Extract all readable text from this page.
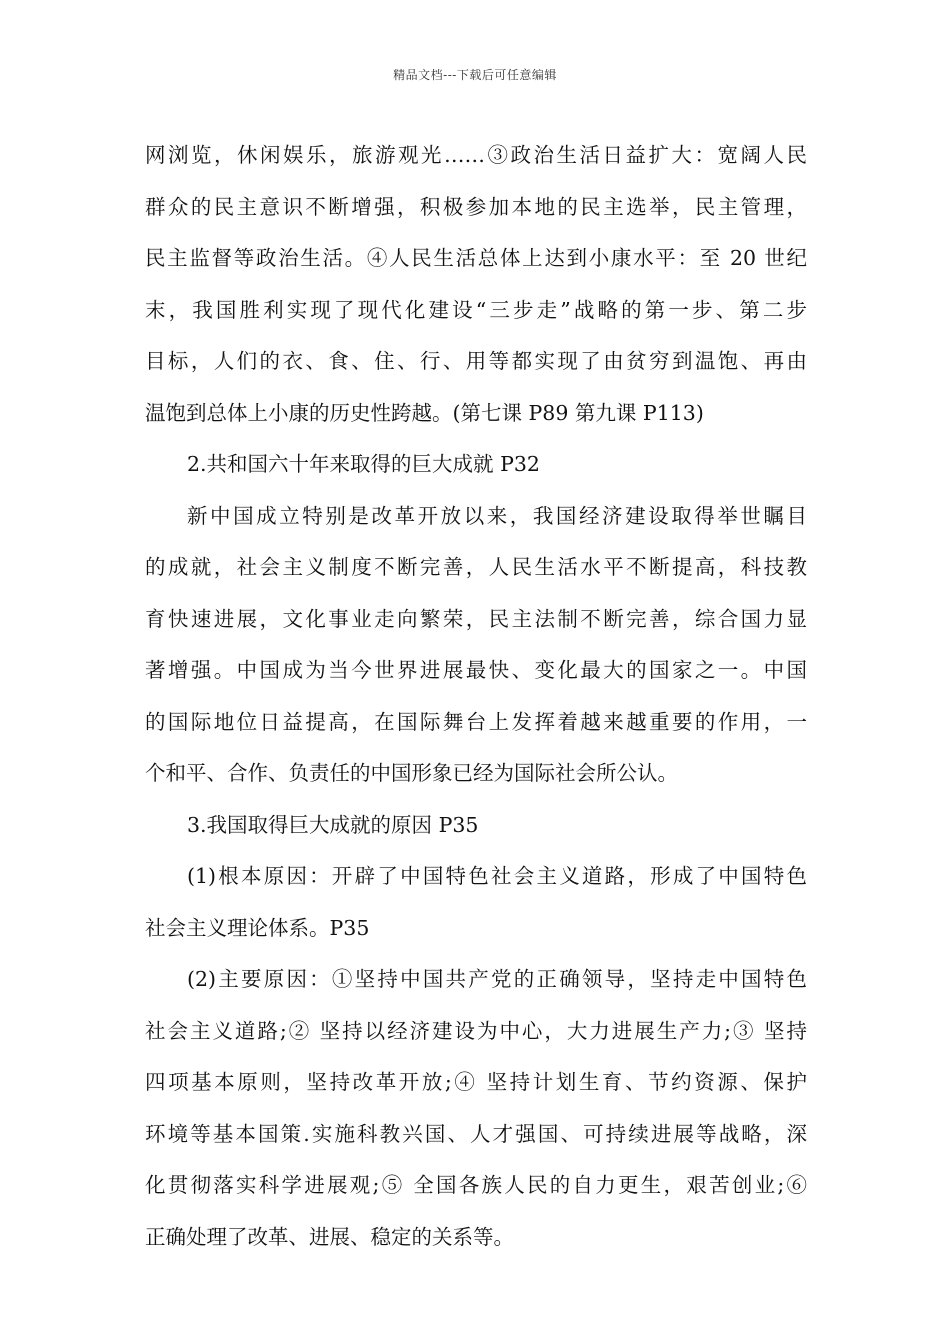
精品文档---下载后可任意编辑
网浏览，休闲娱乐，旅游观光……③政治生活日益扩大：宽阔人民
群众的民主意识不断增强，积极参加本地的民主选举，民主管理，
民主监督等政治生活。④人民生活总体上达到小康水平：至 20 世纪
末，我国胜利实现了现代化建设“三步走”战略的第一步、第二步
目标，人们的衣、食、住、行、用等都实现了由贫穷到温饱、再由
温饱到总体上小康的历史性跨越。(第七课 P89 第九课 P113)
2.共和国六十年来取得的巨大成就 P32
新中国成立特别是改革开放以来，我国经济建设取得举世瞩目
的成就，社会主义制度不断完善，人民生活水平不断提高，科技教
育快速进展，文化事业走向繁荣，民主法制不断完善，综合国力显
著增强。中国成为当今世界进展最快、变化最大的国家之一。中国
的国际地位日益提高，在国际舞台上发挥着越来越重要的作用，一
个和平、合作、负责任的中国形象已经为国际社会所公认。
3.我国取得巨大成就的原因 P35
(1)根本原因：开辟了中国特色社会主义道路，形成了中国特色
社会主义理论体系。P35
(2)主要原因：①坚持中国共产党的正确领导，坚持走中国特色
社会主义道路;② 坚持以经济建设为中心，大力进展生产力;③ 坚持
四项基本原则，坚持改革开放;④ 坚持计划生育、节约资源、保护
环境等基本国策.实施科教兴国、人才强国、可持续进展等战略，深
化贯彻落实科学进展观;⑤ 全国各族人民的自力更生，艰苦创业;⑥
正确处理了改革、进展、稳定的关系等。
